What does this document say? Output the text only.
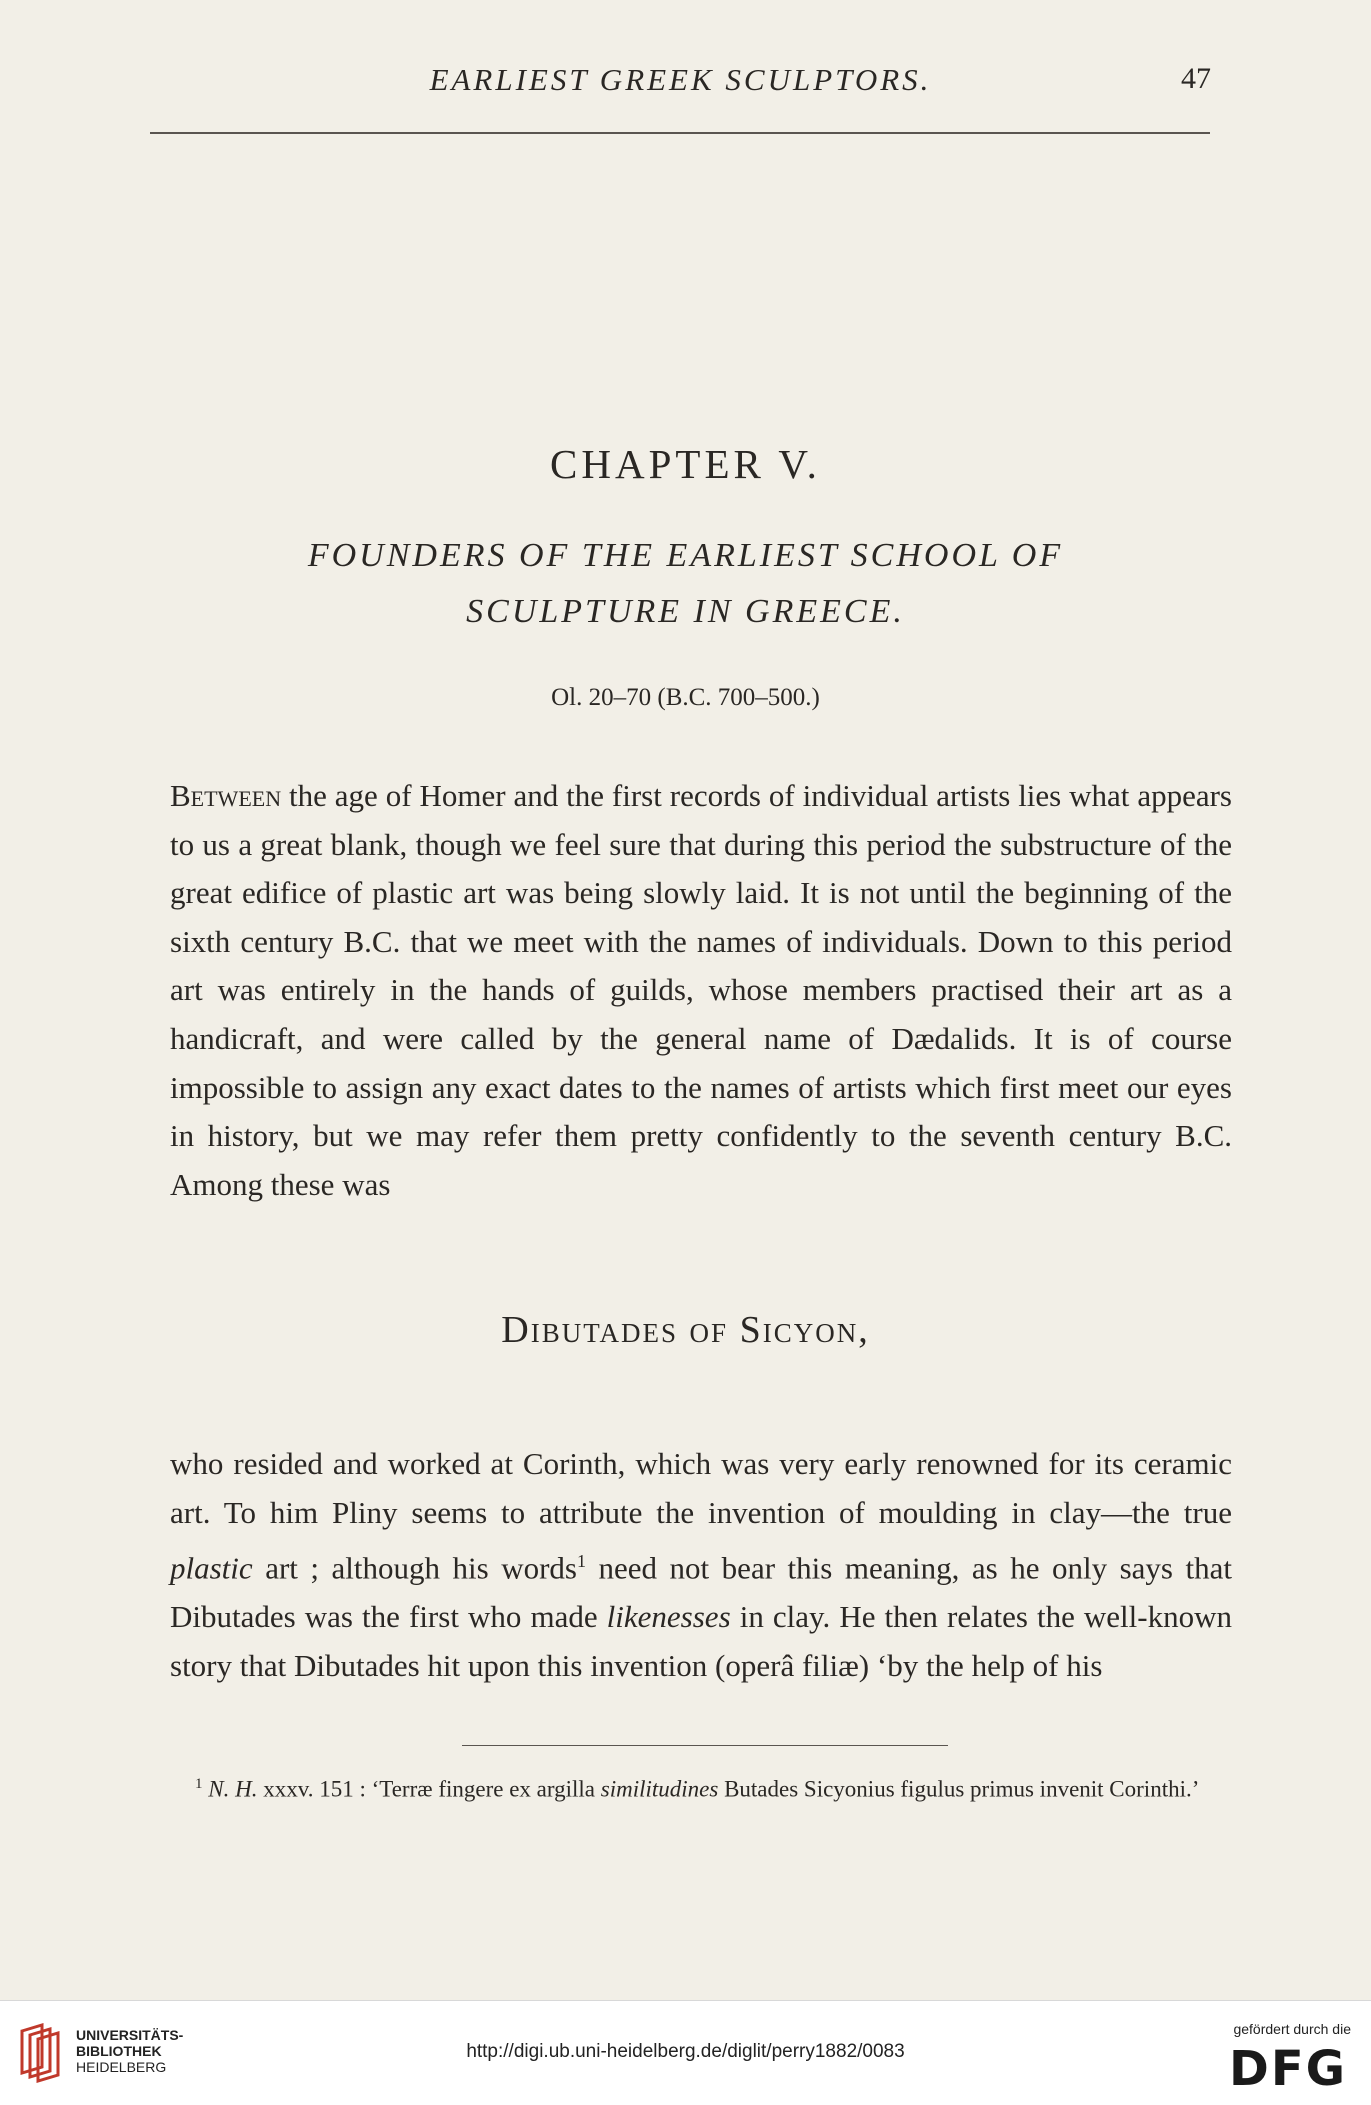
EARLIEST GREEK SCULPTORS.	47
CHAPTER V.
FOUNDERS OF THE EARLIEST SCHOOL OF
SCULPTURE IN GREECE.
Ol. 20–70 (B.C. 700–500.)

Between the age of Homer and the first records of individual artists lies what appears to us a great blank, though we feel sure that during this period the substructure of the great edifice of plastic art was being slowly laid. It is not until the beginning of the sixth century B.C. that we meet with the names of individuals. Down to this period art was entirely in the hands of guilds, whose members practised their art as a handicraft, and were called by the general name of Dædalids. It is of course impossible to assign any exact dates to the names of artists which first meet our eyes in history, but we may refer them pretty confidently to the seventh century B.C. Among these was

Dibutades of Sicyon,

who resided and worked at Corinth, which was very early renowned for its ceramic art. To him Pliny seems to attribute the invention of moulding in clay—the true plastic art ; although his words$^1$ need not bear this meaning, as he only says that Dibutades was the first who made likenesses in clay. He then relates the well-known story that Dibutades hit upon this invention (operâ filiæ) ‘by the help of his

$^1$ N. H. xxxv. 151 : ‘Terræ fingere ex argilla similitudines Butades Sicyonius figulus primus invenit Corinthi.’
UNIVERSITÄTS-
BIBLIOTHEK
HEIDELBERG
http://digi.ub.uni-heidelberg.de/diglit/perry1882/0083
gefördert durch die
DFG
